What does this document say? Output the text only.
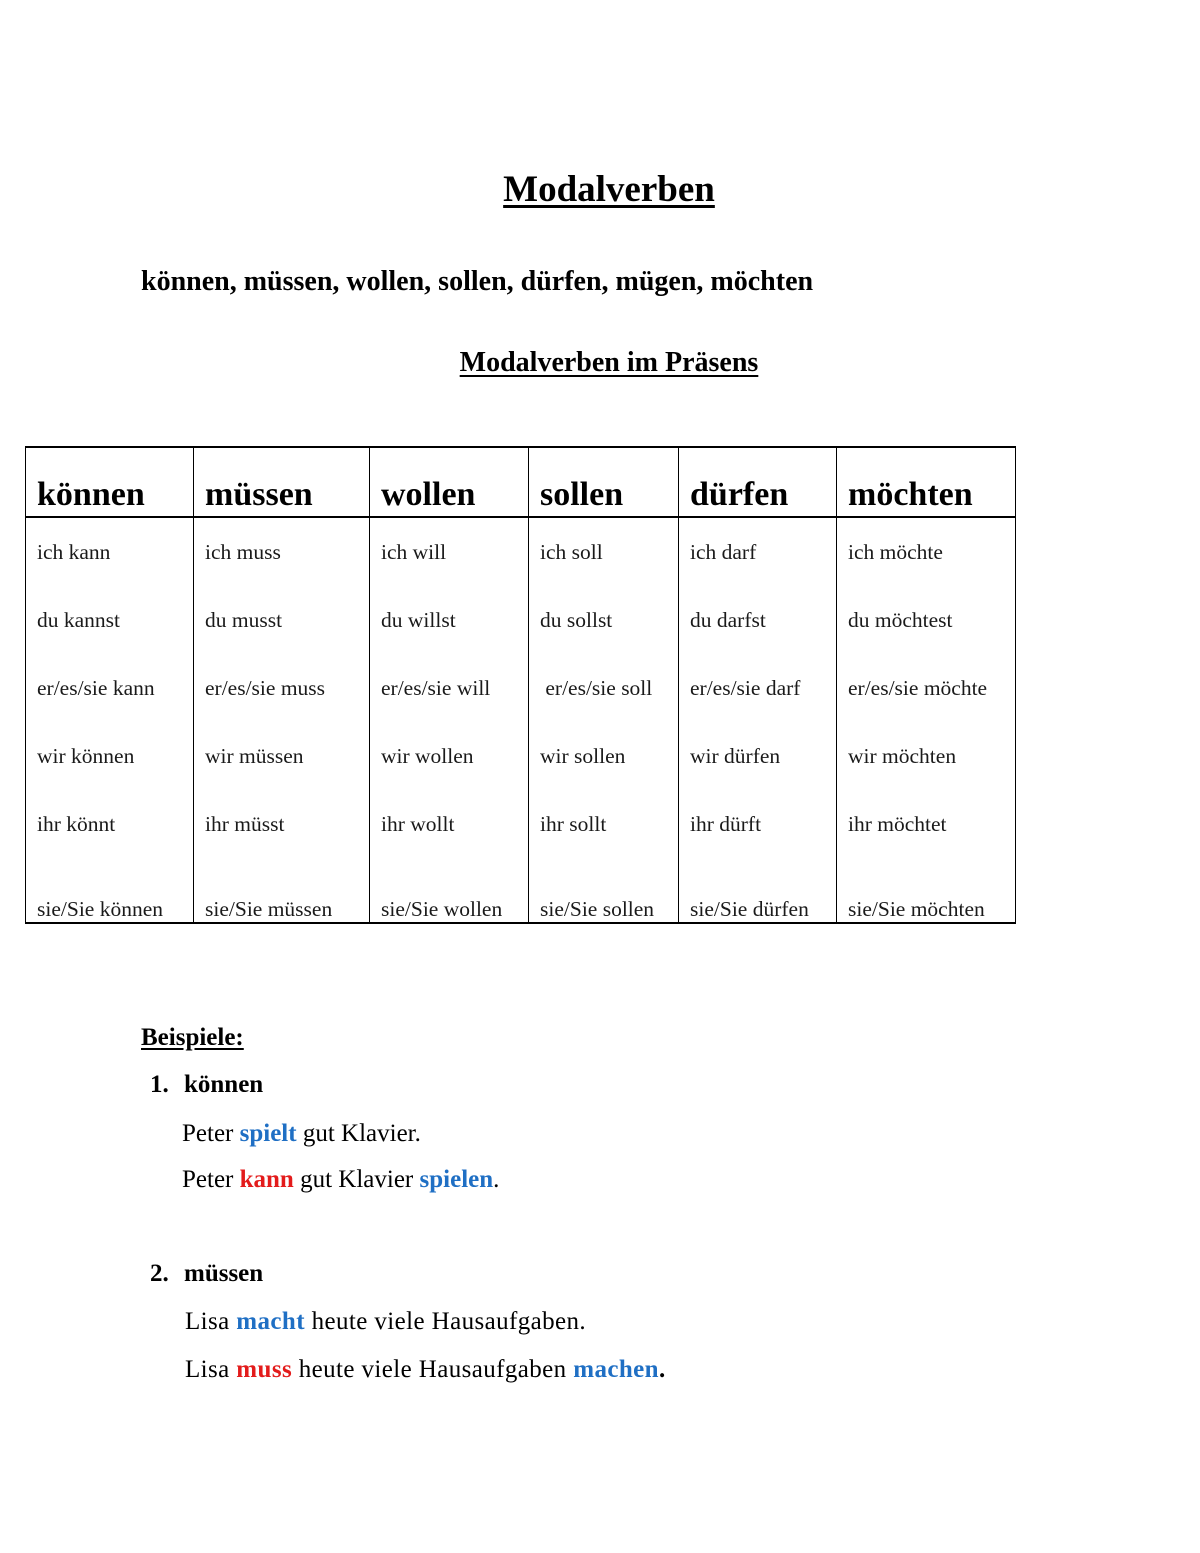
Modalverben
können, müssen, wollen, sollen, dürfen, mügen, möchten
Modalverben im Präsens
können	müssen	wollen	sollen	dürfen	möchten
ich kann	ich muss	ich will	ich soll	ich darf	ich möchte
du kannst	du musst	du willst	du sollst	du darfst	du möchtest
er/es/sie kann	er/es/sie muss	er/es/sie will	er/es/sie soll	er/es/sie darf	er/es/sie möchte
wir können	wir müssen	wir wollen	wir sollen	wir dürfen	wir möchten
ihr könnt	ihr müsst	ihr wollt	ihr sollt	ihr dürft	ihr möchtet
sie/Sie können	sie/Sie müssen	sie/Sie wollen	sie/Sie sollen	sie/Sie dürfen	sie/Sie möchten
Beispiele:
1. können
Peter spielt gut Klavier.
Peter kann gut Klavier spielen.
2. müssen
Lisa macht heute viele Hausaufgaben.
Lisa muss heute viele Hausaufgaben machen.
